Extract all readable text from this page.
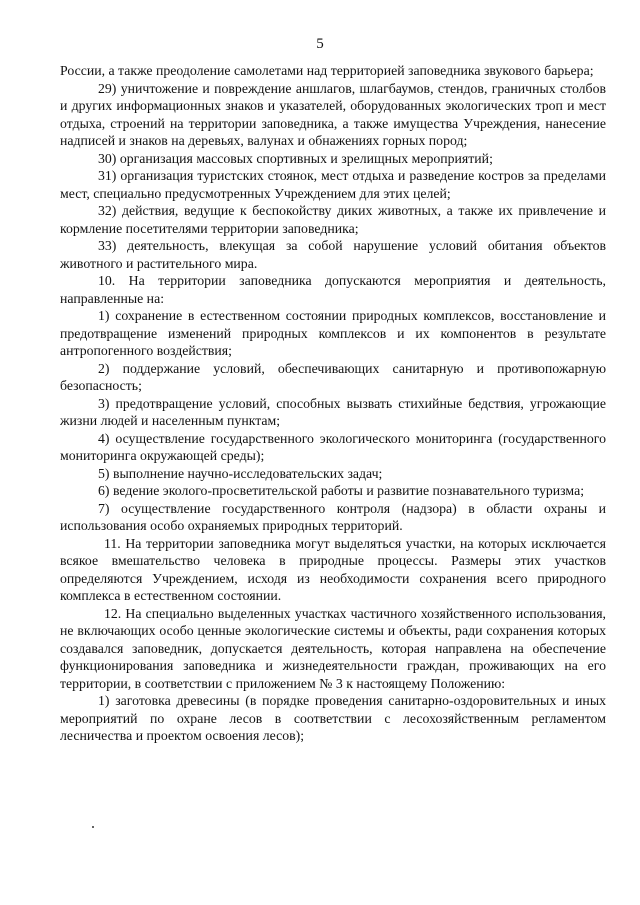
5

России, а также преодоление самолетами над территорией заповедника звукового барьера;

29) уничтожение и повреждение аншлагов, шлагбаумов, стендов, граничных столбов и других информационных знаков и указателей, оборудованных экологических троп и мест отдыха, строений на территории заповедника, а также имущества Учреждения, нанесение надписей и знаков на деревьях, валунах и обнажениях горных пород;

30) организация массовых спортивных и зрелищных мероприятий;

31) организация туристских стоянок, мест отдыха и разведение костров за пределами мест, специально предусмотренных Учреждением для этих целей;

32) действия, ведущие к беспокойству диких животных, а также их привлечение и кормление посетителями территории заповедника;

33) деятельность, влекущая за собой нарушение условий обитания объектов животного и растительного мира.

10. На территории заповедника допускаются мероприятия и деятельность, направленные на:

1) сохранение в естественном состоянии природных комплексов, восстановление и предотвращение изменений природных комплексов и их компонентов в результате антропогенного воздействия;

2) поддержание условий, обеспечивающих санитарную и противопожарную безопасность;

3) предотвращение условий, способных вызвать стихийные бедствия, угрожающие жизни людей и населенным пунктам;

4) осуществление государственного экологического мониторинга (государственного мониторинга окружающей среды);

5) выполнение научно-исследовательских задач;

6) ведение эколого-просветительской работы и развитие познавательного туризма;

7) осуществление государственного контроля (надзора) в области охраны и использования особо охраняемых природных территорий.

11. На территории заповедника могут выделяться участки, на которых исключается всякое вмешательство человека в природные процессы. Размеры этих участков определяются Учреждением, исходя из необходимости сохранения всего природного комплекса в естественном состоянии.

12. На специально выделенных участках частичного хозяйственного использования, не включающих особо ценные экологические системы и объекты, ради сохранения которых создавался заповедник, допускается деятельность, которая направлена на обеспечение функционирования заповедника и жизнедеятельности граждан, проживающих на его территории, в соответствии с приложением № 3 к настоящему Положению:

1) заготовка древесины (в порядке проведения санитарно-оздоровительных и иных мероприятий по охране лесов в соответствии с лесохозяйственным регламентом лесничества и проектом освоения лесов);
